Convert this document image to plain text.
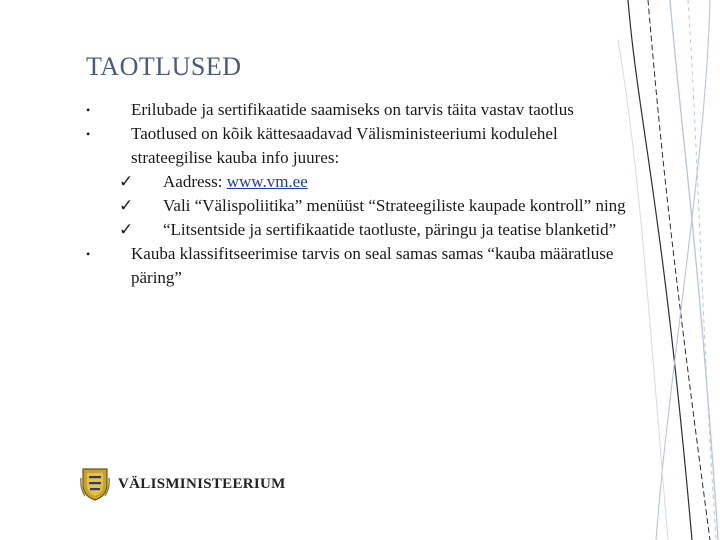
TAOTLUSED
• Erilubade ja sertifikaatide saamiseks on tarvis täita vastav taotlus
• Taotlused on kõik kättesaadavad Välisministeeriumi kodulehel strateegilise kauba info juures:
✓ Aadress: www.vm.ee
✓ Vali “Välispoliitika” menüüst “Strateegiliste kaupade kontroll” ning
✓ “Litsentside ja sertifikaatide taotluste, päringu ja teatise blanketid”
• Kauba klassifitseerimise tarvis on seal samas samas “kauba määratluse päring”
VÄLISMINISTEERIUM
